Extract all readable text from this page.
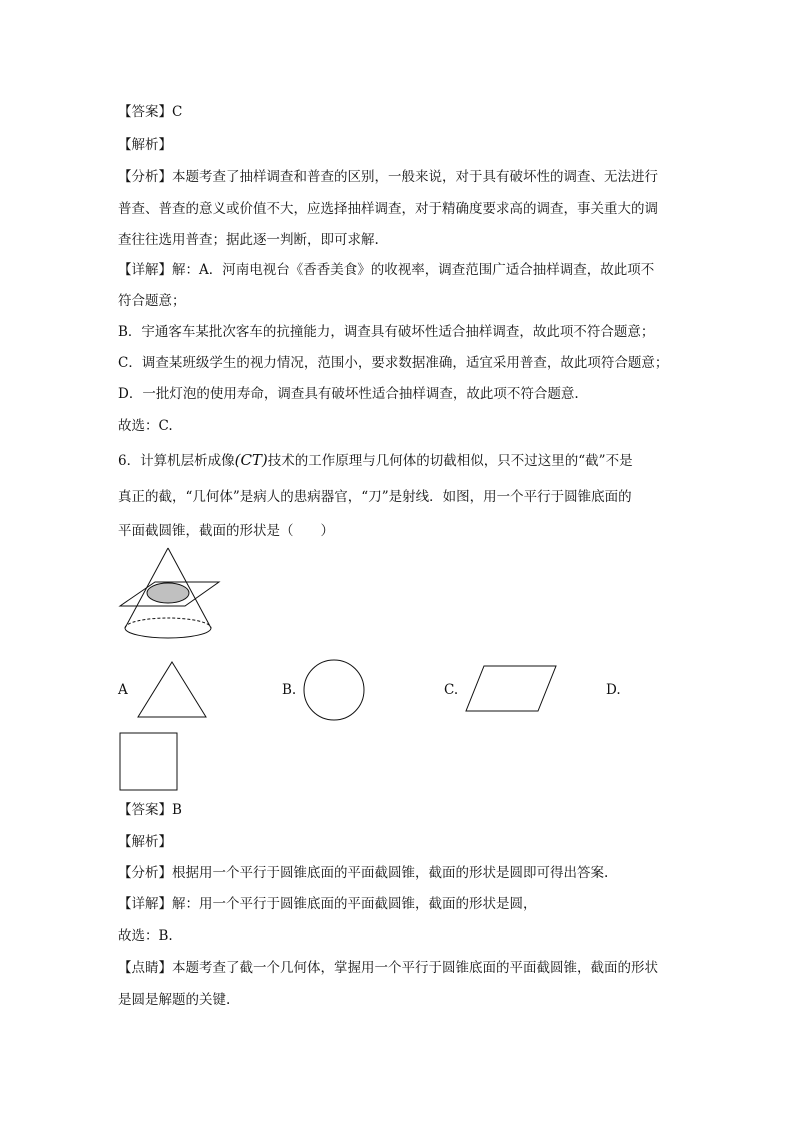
【答案】C
【解析】
【分析】本题考查了抽样调查和普查的区别，一般来说，对于具有破坏性的调查、无法进行
普查、普查的意义或价值不大，应选择抽样调查，对于精确度要求高的调查，事关重大的调
查往往选用普查；据此逐一判断，即可求解.
【详解】解：A．河南电视台《香香美食》的收视率，调查范围广适合抽样调查，故此项不
符合题意；
B．宇通客车某批次客车的抗撞能力，调查具有破坏性适合抽样调查，故此项不符合题意；
C．调查某班级学生的视力情况，范围小，要求数据准确，适宜采用普查，故此项符合题意；
D．一批灯泡的使用寿命，调查具有破坏性适合抽样调查，故此项不符合题意.
故选：C.
6．计算机层析成像(CT)技术的工作原理与几何体的切截相似，只不过这里的“截”不是
真正的截，“几何体”是病人的患病器官，“刀”是射线．如图，用一个平行于圆锥底面的
平面截圆锥，截面的形状是（　　）
A	B.	C.	D.
【答案】B
【解析】
【分析】根据用一个平行于圆锥底面的平面截圆锥，截面的形状是圆即可得出答案.
【详解】解：用一个平行于圆锥底面的平面截圆锥，截面的形状是圆，
故选：B.
【点睛】本题考查了截一个几何体，掌握用一个平行于圆锥底面的平面截圆锥，截面的形状
是圆是解题的关键.
